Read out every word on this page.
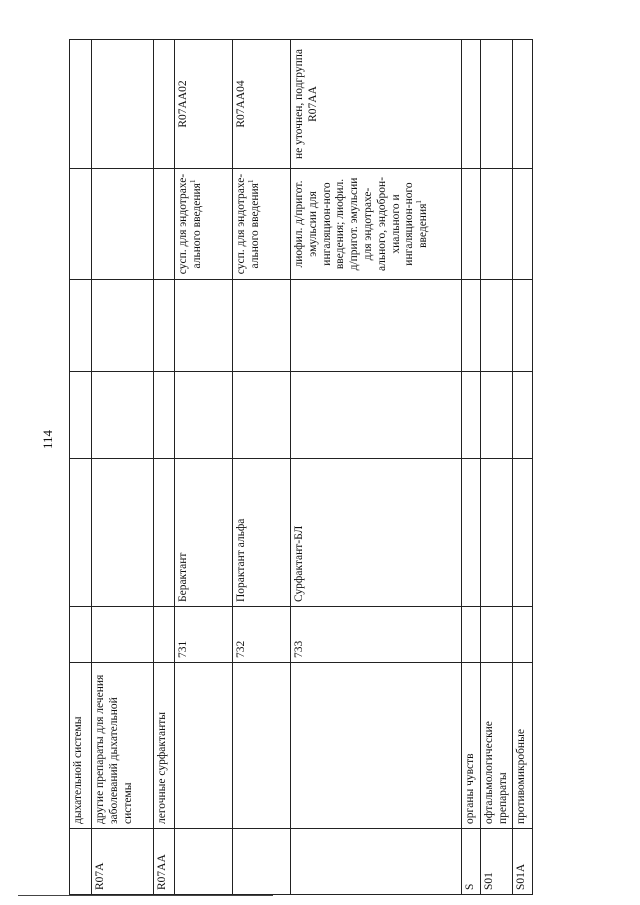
114
	дыхательной системы						
R07A	другие препараты для лечения заболеваний дыхательной системы						
R07AA	легочные сурфактанты						
		731	Берактант			сусп. для эндотрахе-ального введения$^1$	R07AA02
		732	Порактант альфа			сусп. для эндотрахе-ального введения$^1$	R07AA04
		733	Сурфактант-БЛ			лиофил. д/пригот. эмульсии для ингаляцион-ного введения; лиофил. д/пригот. эмульсии для эндотрахе-ального, эндоброн-хиального и ингаляцион-ного введения$^1$	не уточнен, подгруппа R07AA
S	органы чувств						
S01	офтальмологические препараты						
S01A	противомикробные						
